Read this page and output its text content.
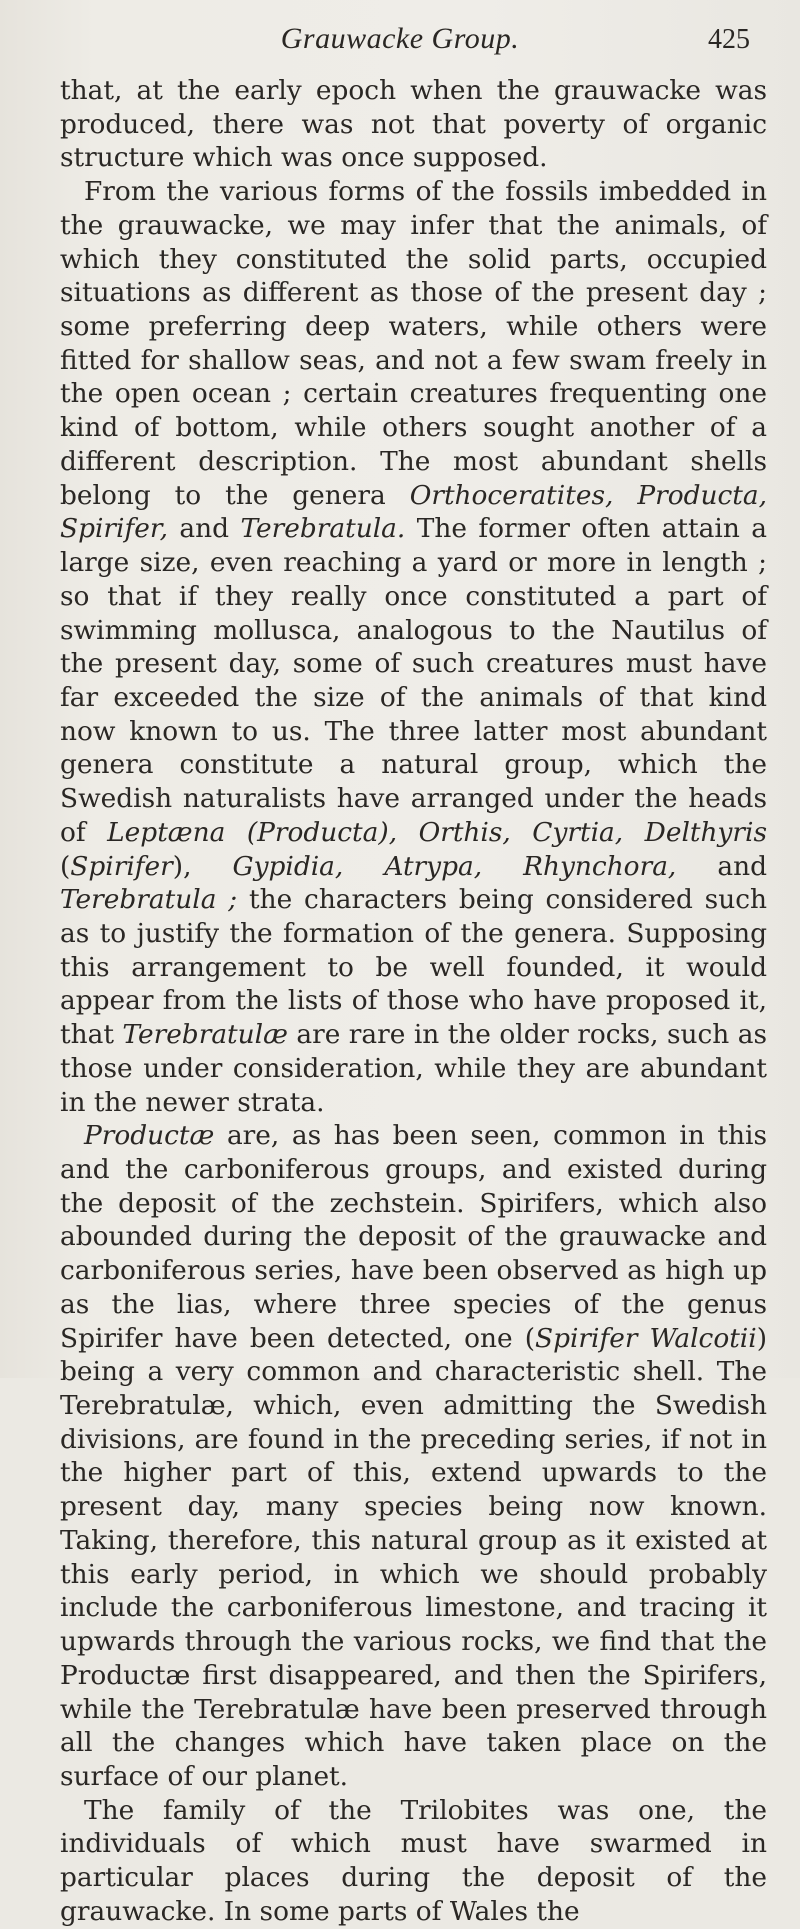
Grauwacke Group.	425

that, at the early epoch when the grauwacke was produced, there was not that poverty of organic structure which was once supposed.

From the various forms of the fossils imbedded in the grauwacke, we may infer that the animals, of which they constituted the solid parts, occupied situations as different as those of the present day ; some preferring deep waters, while others were fitted for shallow seas, and not a few swam freely in the open ocean ; certain creatures frequenting one kind of bottom, while others sought another of a different description. The most abundant shells belong to the genera Orthoceratites, Producta, Spirifer, and Terebratula. The former often attain a large size, even reaching a yard or more in length ; so that if they really once constituted a part of swimming mollusca, analogous to the Nautilus of the present day, some of such creatures must have far exceeded the size of the animals of that kind now known to us. The three latter most abundant genera constitute a natural group, which the Swedish naturalists have arranged under the heads of Leptæna (Producta), Orthis, Cyrtia, Delthyris (Spirifer), Gypidia, Atrypa, Rhynchora, and Terebratula ; the characters being considered such as to justify the formation of the genera. Supposing this arrangement to be well founded, it would appear from the lists of those who have proposed it, that Terebratulæ are rare in the older rocks, such as those under consideration, while they are abundant in the newer strata.

Productæ are, as has been seen, common in this and the carboniferous groups, and existed during the deposit of the zechstein. Spirifers, which also abounded during the deposit of the grauwacke and carboniferous series, have been observed as high up as the lias, where three species of the genus Spirifer have been detected, one (Spirifer Walcotii) being a very common and characteristic shell. The Terebratulæ, which, even admitting the Swedish divisions, are found in the preceding series, if not in the higher part of this, extend upwards to the present day, many species being now known. Taking, therefore, this natural group as it existed at this early period, in which we should probably include the carboniferous limestone, and tracing it upwards through the various rocks, we find that the Productæ first disappeared, and then the Spirifers, while the Terebratulæ have been preserved through all the changes which have taken place on the surface of our planet.

The family of the Trilobites was one, the individuals of which must have swarmed in particular places during the deposit of the grauwacke. In some parts of Wales the
